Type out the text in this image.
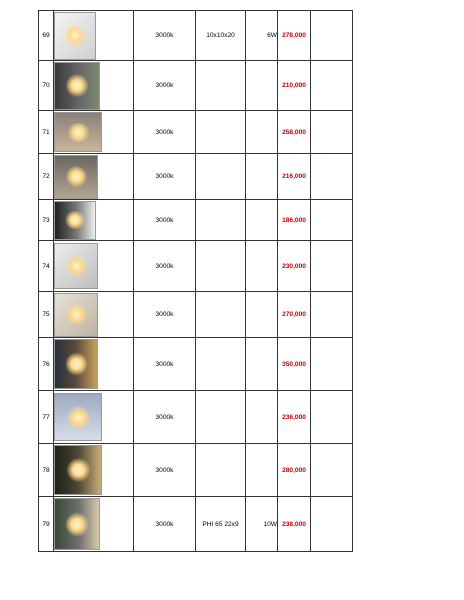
69		3000k	10x10x20	6W	278,000	
70		3000k			210,000	
71		3000k			258,000	
72		3000k			216,000	
73		3000k			186,000	
74		3000k			230,000	
75		3000k			270,000	
76		3000k			350,000	
77		3000k			236,000	
78		3000k			280,000	
79		3000k	PHI 65 22x9	10W	238,000	
